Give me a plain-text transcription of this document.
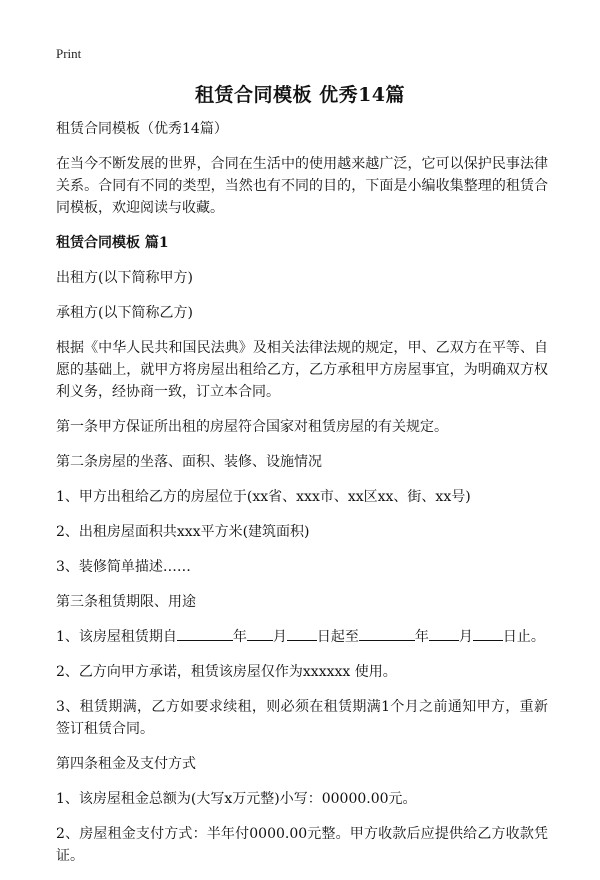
Print
租赁合同模板 优秀14篇

租赁合同模板（优秀14篇）

在当今不断发展的世界，合同在生活中的使用越来越广泛，它可以保护民事法律关系。合同有不同的类型，当然也有不同的目的，下面是小编收集整理的租赁合同模板，欢迎阅读与收藏。

租赁合同模板 篇1

出租方(以下简称甲方)

承租方(以下简称乙方)

根据《中华人民共和国民法典》及相关法律法规的规定，甲、乙双方在平等、自愿的基础上，就甲方将房屋出租给乙方，乙方承租甲方房屋事宜，为明确双方权利义务，经协商一致，订立本合同。

第一条甲方保证所出租的房屋符合国家对租赁房屋的有关规定。

第二条房屋的坐落、面积、装修、设施情况

1、甲方出租给乙方的房屋位于(xx省、xxx市、xx区xx、街、xx号)

2、出租房屋面积共xxx平方米(建筑面积)

3、装修简单描述……

第三条租赁期限、用途

1、该房屋租赁期自	年 月 日起至	年 月 日止。

2、乙方向甲方承诺，租赁该房屋仅作为xxxxxx 使用。

3、租赁期满，乙方如要求续租，则必须在租赁期满1个月之前通知甲方，重新签订租赁合同。

第四条租金及支付方式

1、该房屋租金总额为(大写x万元整)小写：00000.00元。

2、房屋租金支付方式：半年付0000.00元整。甲方收款后应提供给乙方收款凭证。
